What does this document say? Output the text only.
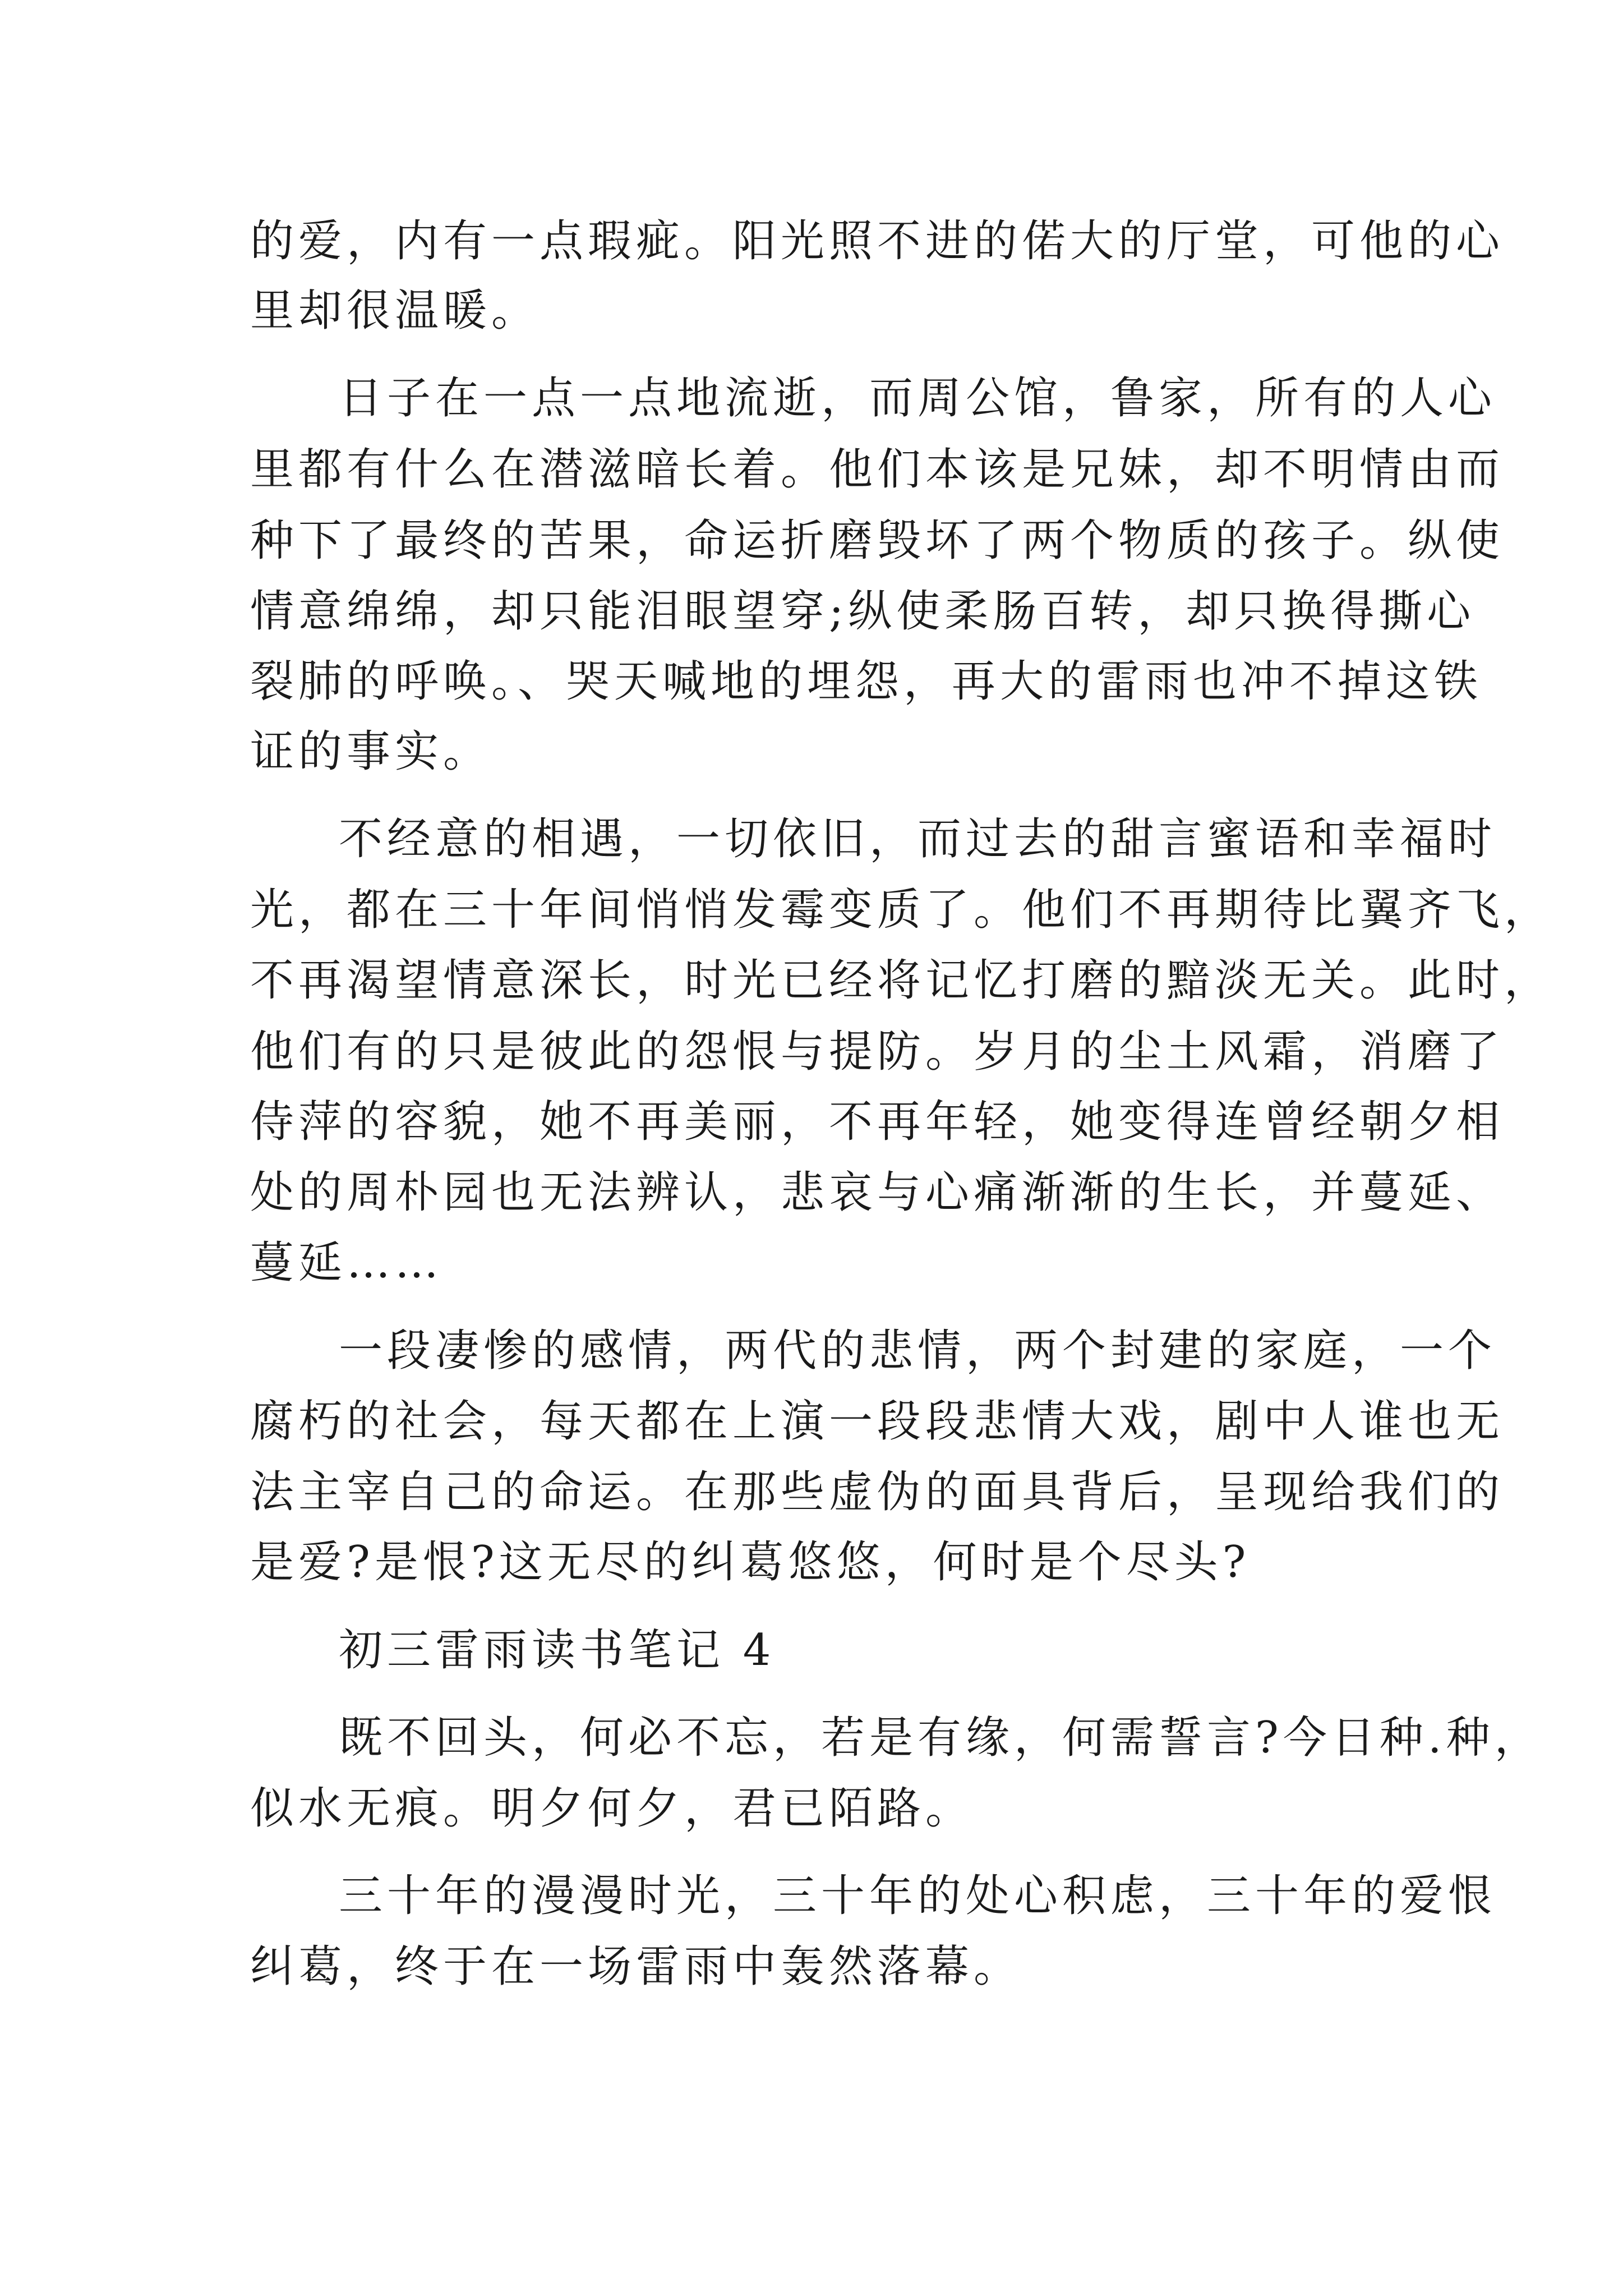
的爱，内有一点瑕疵。阳光照不进的偌大的厅堂，可他的心
里却很温暖。
日子在一点一点地流逝，而周公馆，鲁家，所有的人心
里都有什么在潜滋暗长着。他们本该是兄妹，却不明情由而
种下了最终的苦果，命运折磨毁坏了两个物质的孩子。纵使
情意绵绵，却只能泪眼望穿;纵使柔肠百转，却只换得撕心
裂肺的呼唤。、哭天喊地的埋怨，再大的雷雨也冲不掉这铁
证的事实。
不经意的相遇，一切依旧，而过去的甜言蜜语和幸福时
光，都在三十年间悄悄发霉变质了。他们不再期待比翼齐飞，
不再渴望情意深长，时光已经将记忆打磨的黯淡无关。此时，
他们有的只是彼此的怨恨与提防。岁月的尘土风霜，消磨了
侍萍的容貌，她不再美丽，不再年轻，她变得连曾经朝夕相
处的周朴园也无法辨认，悲哀与心痛渐渐的生长，并蔓延、
蔓延……
一段凄惨的感情，两代的悲情，两个封建的家庭，一个
腐朽的社会，每天都在上演一段段悲情大戏，剧中人谁也无
法主宰自己的命运。在那些虚伪的面具背后，呈现给我们的
是爱?是恨?这无尽的纠葛悠悠，何时是个尽头?
初三雷雨读书笔记 4
既不回头，何必不忘，若是有缘，何需誓言?今日种.种，
似水无痕。明夕何夕，君已陌路。
三十年的漫漫时光，三十年的处心积虑，三十年的爱恨
纠葛，终于在一场雷雨中轰然落幕。
